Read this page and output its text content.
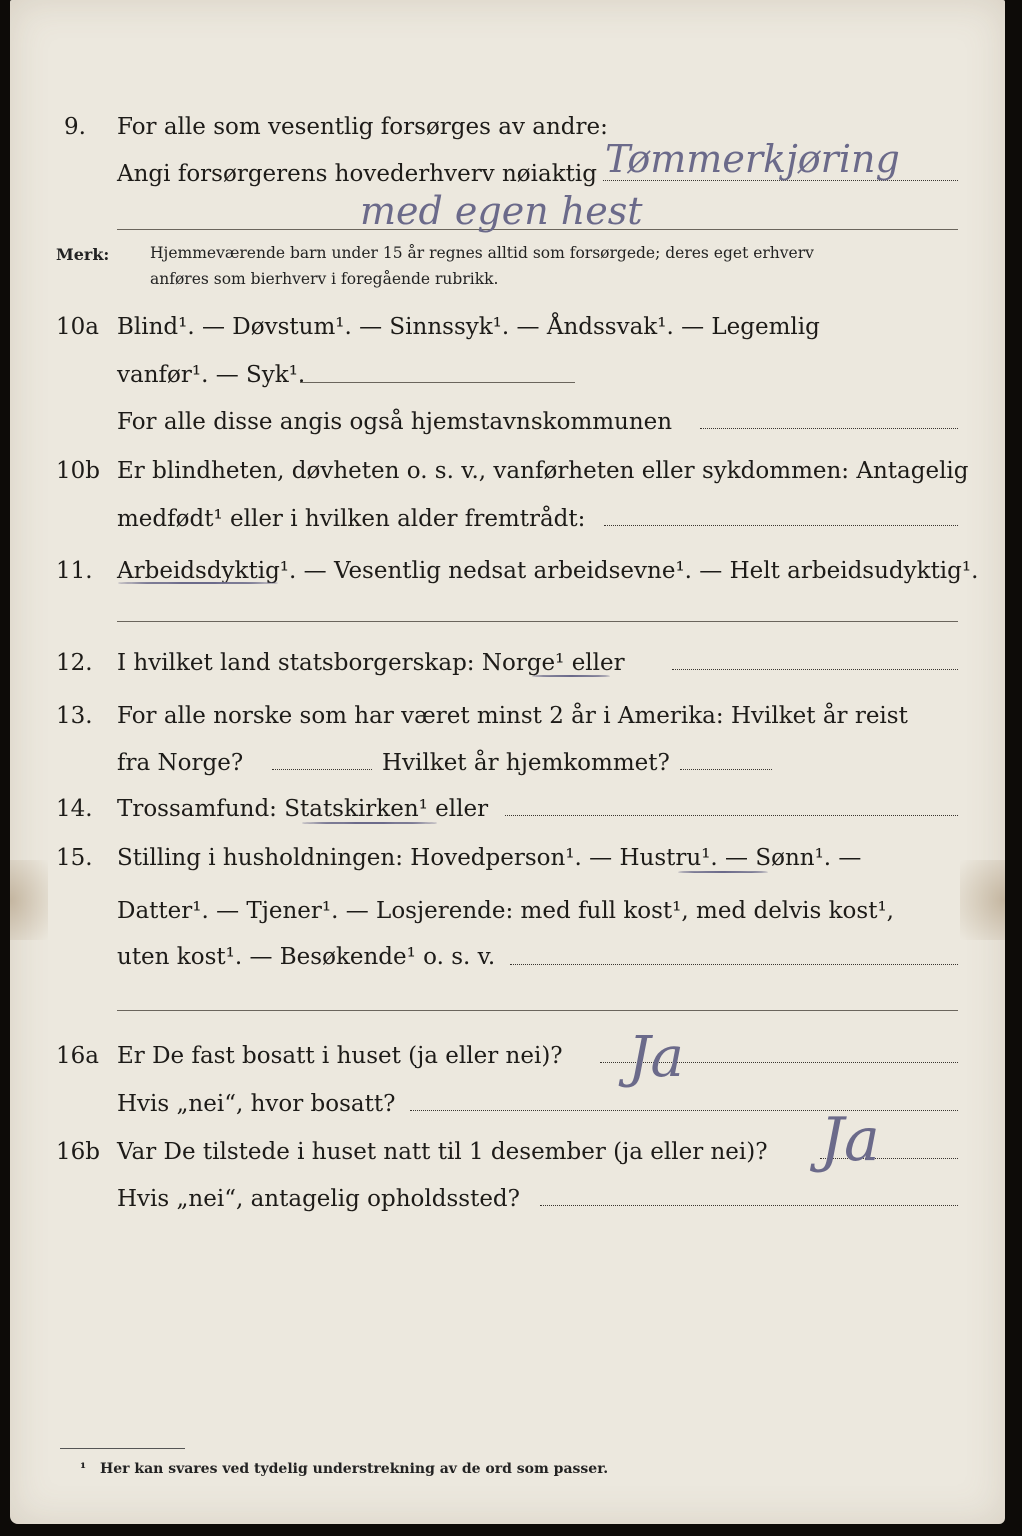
9. For alle som vesentlig forsørges av andre:
Angi forsørgerens hovederhverv nøiaktig Tømmerkjøring
med egen hest
Merk:	Hjemmeværende barn under 15 år regnes alltid som forsørgede; deres eget erhverv
anføres som bierhverv i foregående rubrikk.
10a Blind¹. — Døvstum¹. — Sinnssyk¹. — Åndssvak¹. — Legemlig
vanfør¹. — Syk¹.
For alle disse angis også hjemstavnskommunen
10b Er blindheten, døvheten o. s. v., vanførheten eller sykdommen: Antagelig
medfødt¹ eller i hvilken alder fremtrådt:
11. Arbeidsdyktig¹. — Vesentlig nedsat arbeidsevne¹. — Helt arbeidsudyktig¹.
12. I hvilket land statsborgerskap: Norge¹ eller
13. For alle norske som har været minst 2 år i Amerika: Hvilket år reist
fra Norge?	Hvilket år hjemkommet?
14. Trossamfund: Statskirken¹ eller
15. Stilling i husholdningen: Hovedperson¹. — Hustru¹. — Sønn¹. —
Datter¹. — Tjener¹. — Losjerende: med full kost¹, med delvis kost¹,
uten kost¹. — Besøkende¹ o. s. v.
16a Er De fast bosatt i huset (ja eller nei)? Ja
Hvis „nei“, hvor bosatt?
16b Var De tilstede i huset natt til 1 desember (ja eller nei)? Ja
Hvis „nei“, antagelig opholdssted?
¹ Her kan svares ved tydelig understrekning av de ord som passer.
